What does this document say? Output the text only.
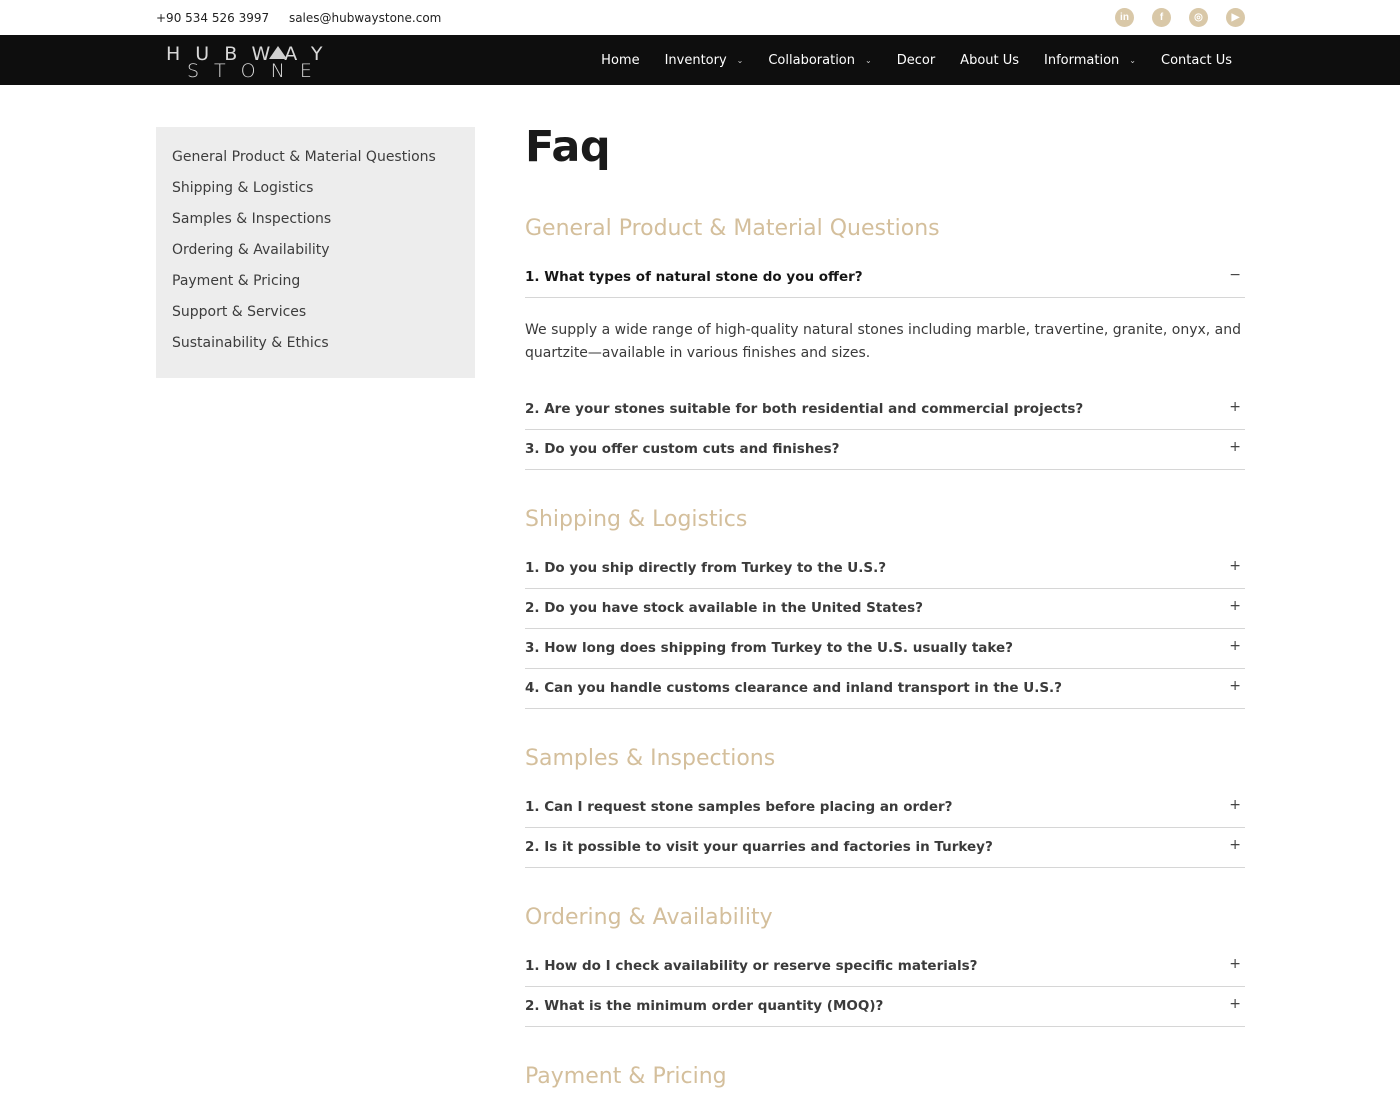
+90 534 526 3997 sales@hubwaystone.com	in	f	◎	▶
HUBWAY
STONE	Home Inventory ⌄ Collaboration ⌄ Decor About Us Information ⌄ Contact Us
General Product & Material Questions
Shipping & Logistics
Samples & Inspections
Ordering & Availability
Payment & Pricing
Support & Services
Sustainability & Ethics
Faq
General Product & Material Questions
1. What types of natural stone do you offer?	−
We supply a wide range of high-quality natural stones including marble, travertine, granite, onyx, and quartzite—available in various finishes and sizes.
2. Are your stones suitable for both residential and commercial projects?	+
3. Do you offer custom cuts and finishes?	+
Shipping & Logistics
1. Do you ship directly from Turkey to the U.S.?	+
2. Do you have stock available in the United States?	+
3. How long does shipping from Turkey to the U.S. usually take?	+
4. Can you handle customs clearance and inland transport in the U.S.?	+
Samples & Inspections
1. Can I request stone samples before placing an order?	+
2. Is it possible to visit your quarries and factories in Turkey?	+
Ordering & Availability
1. How do I check availability or reserve specific materials?	+
2. What is the minimum order quantity (MOQ)?	+
Payment & Pricing
